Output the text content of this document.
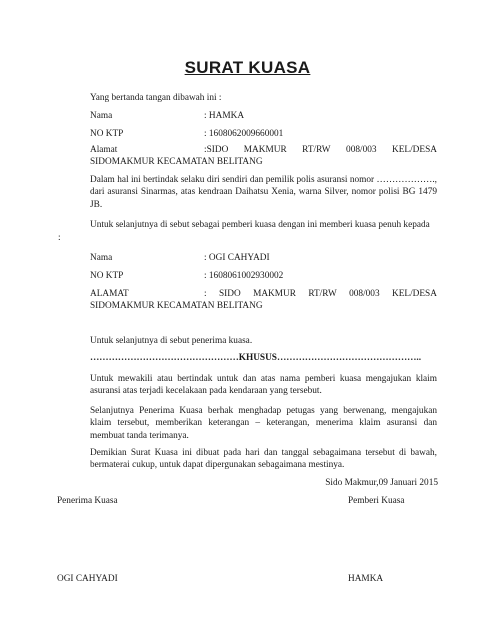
SURAT KUASA
Yang bertanda tangan dibawah ini :
Nama	: HAMKA
NO KTP	: 1608062009660001
Alamat	:SIDO MAKMUR RT/RW 008/003 KEL/DESA
SIDOMAKMUR KECAMATAN BELITANG
Dalam hal ini bertindak selaku diri sendiri dan pemilik polis asuransi nomor ………………., dari asuransi Sinarmas, atas kendraan Daihatsu Xenia, warna Silver, nomor polisi BG 1479 JB.
Untuk selanjutnya di sebut sebagai pemberi kuasa dengan ini memberi kuasa penuh kepada
:
Nama	: OGI CAHYADI
NO KTP	: 1608061002930002
ALAMAT	: SIDO MAKMUR RT/RW 008/003 KEL/DESA
SIDOMAKMUR KECAMATAN BELITANG
Untuk selanjutnya di sebut penerima kuasa.
…………………………………………KHUSUS………………………………………..
Untuk mewakili atau bertindak untuk dan atas nama pemberi kuasa mengajukan klaim asuransi atas terjadi kecelakaan pada kendaraan yang tersebut.
Selanjutnya Penerima Kuasa berhak menghadap petugas yang berwenang, mengajukan klaim tersebut, memberikan keterangan – keterangan, menerima klaim asuransi dan membuat tanda terimanya.
Demikian Surat Kuasa ini dibuat pada hari dan tanggal sebagaimana tersebut di bawah, bermaterai cukup, untuk dapat dipergunakan sebagaimana mestinya.
Sido Makmur,09 Januari 2015
Penerima Kuasa	Pemberi Kuasa
OGI CAHYADI	HAMKA
